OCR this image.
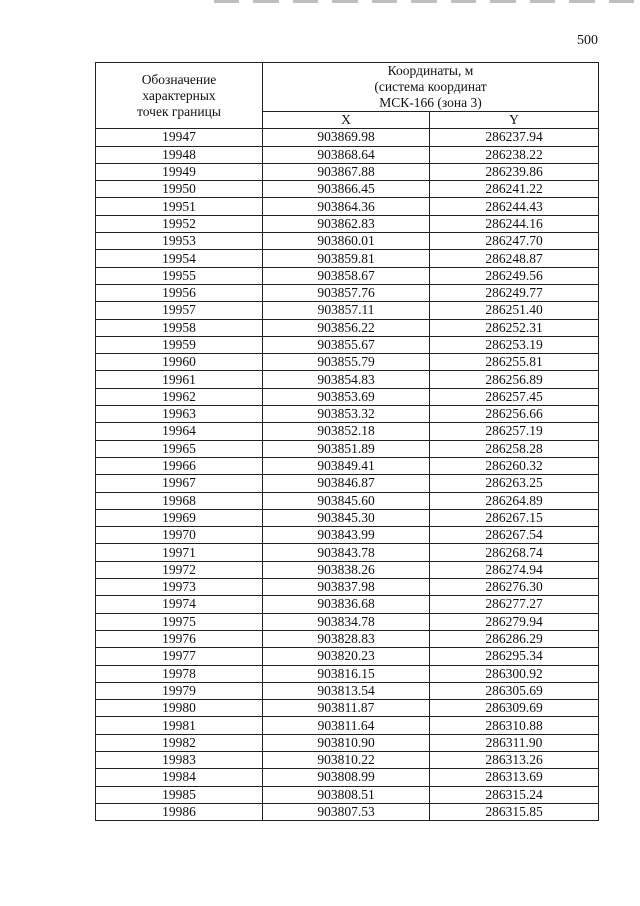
500
Обозначение
характерных
точек границы	Координаты, м
(система координат
МСК-166 (зона 3)	
	X	Y
19947	903869.98	286237.94
19948	903868.64	286238.22
19949	903867.88	286239.86
19950	903866.45	286241.22
19951	903864.36	286244.43
19952	903862.83	286244.16
19953	903860.01	286247.70
19954	903859.81	286248.87
19955	903858.67	286249.56
19956	903857.76	286249.77
19957	903857.11	286251.40
19958	903856.22	286252.31
19959	903855.67	286253.19
19960	903855.79	286255.81
19961	903854.83	286256.89
19962	903853.69	286257.45
19963	903853.32	286256.66
19964	903852.18	286257.19
19965	903851.89	286258.28
19966	903849.41	286260.32
19967	903846.87	286263.25
19968	903845.60	286264.89
19969	903845.30	286267.15
19970	903843.99	286267.54
19971	903843.78	286268.74
19972	903838.26	286274.94
19973	903837.98	286276.30
19974	903836.68	286277.27
19975	903834.78	286279.94
19976	903828.83	286286.29
19977	903820.23	286295.34
19978	903816.15	286300.92
19979	903813.54	286305.69
19980	903811.87	286309.69
19981	903811.64	286310.88
19982	903810.90	286311.90
19983	903810.22	286313.26
19984	903808.99	286313.69
19985	903808.51	286315.24
19986	903807.53	286315.85
